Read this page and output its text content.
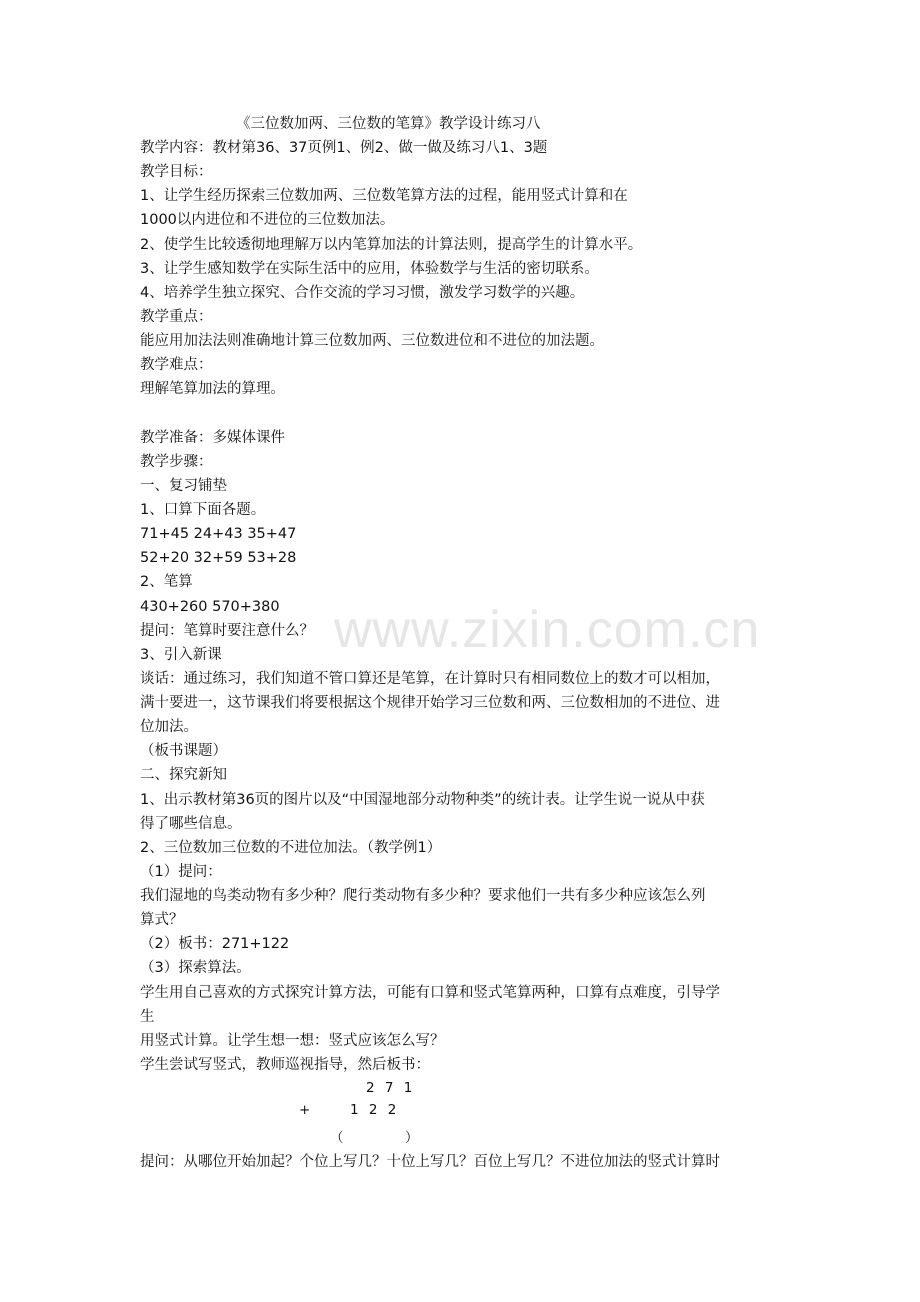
www.zixin.com.cn
《三位数加两、三位数的笔算》教学设计练习八
教学内容：教材第36、37页例1、例2、做一做及练习八1、3题
教学目标：
1、让学生经历探索三位数加两、三位数笔算方法的过程，能用竖式计算和在
1000以内进位和不进位的三位数加法。
2、使学生比较透彻地理解万以内笔算加法的计算法则，提高学生的计算水平。
3、让学生感知数学在实际生活中的应用，体验数学与生活的密切联系。
4、培养学生独立探究、合作交流的学习习惯，激发学习数学的兴趣。
教学重点：
能应用加法法则准确地计算三位数加两、三位数进位和不进位的加法题。
教学难点：
理解笔算加法的算理。
教学准备：多媒体课件
教学步骤：
一、复习铺垫
1、口算下面各题。
71+45 24+43 35+47
52+20 32+59 53+28
2、笔算
430+260 570+380
提问：笔算时要注意什么？
3、引入新课
谈话：通过练习，我们知道不管口算还是笔算，在计算时只有相同数位上的数才可以相加，
满十要进一，这节课我们将要根据这个规律开始学习三位数和两、三位数相加的不进位、进
位加法。
（板书课题）
二、探究新知
1、出示教材第36页的图片以及“中国湿地部分动物种类”的统计表。让学生说一说从中获
得了哪些信息。
2、三位数加三位数的不进位加法。（教学例1）
（1）提问：
我们湿地的鸟类动物有多少种？爬行类动物有多少种？要求他们一共有多少种应该怎么列
算式？
（2）板书：271+122
（3）探索算法。
学生用自己喜欢的方式探究计算方法，可能有口算和竖式笔算两种，口算有点难度，引导学
生
用竖式计算。让学生想一想：竖式应该怎么写？
学生尝试写竖式，教师巡视指导，然后板书：
2 7 1
+	1 2 2
（	）
提问：从哪位开始加起？个位上写几？十位上写几？百位上写几？不进位加法的竖式计算时
